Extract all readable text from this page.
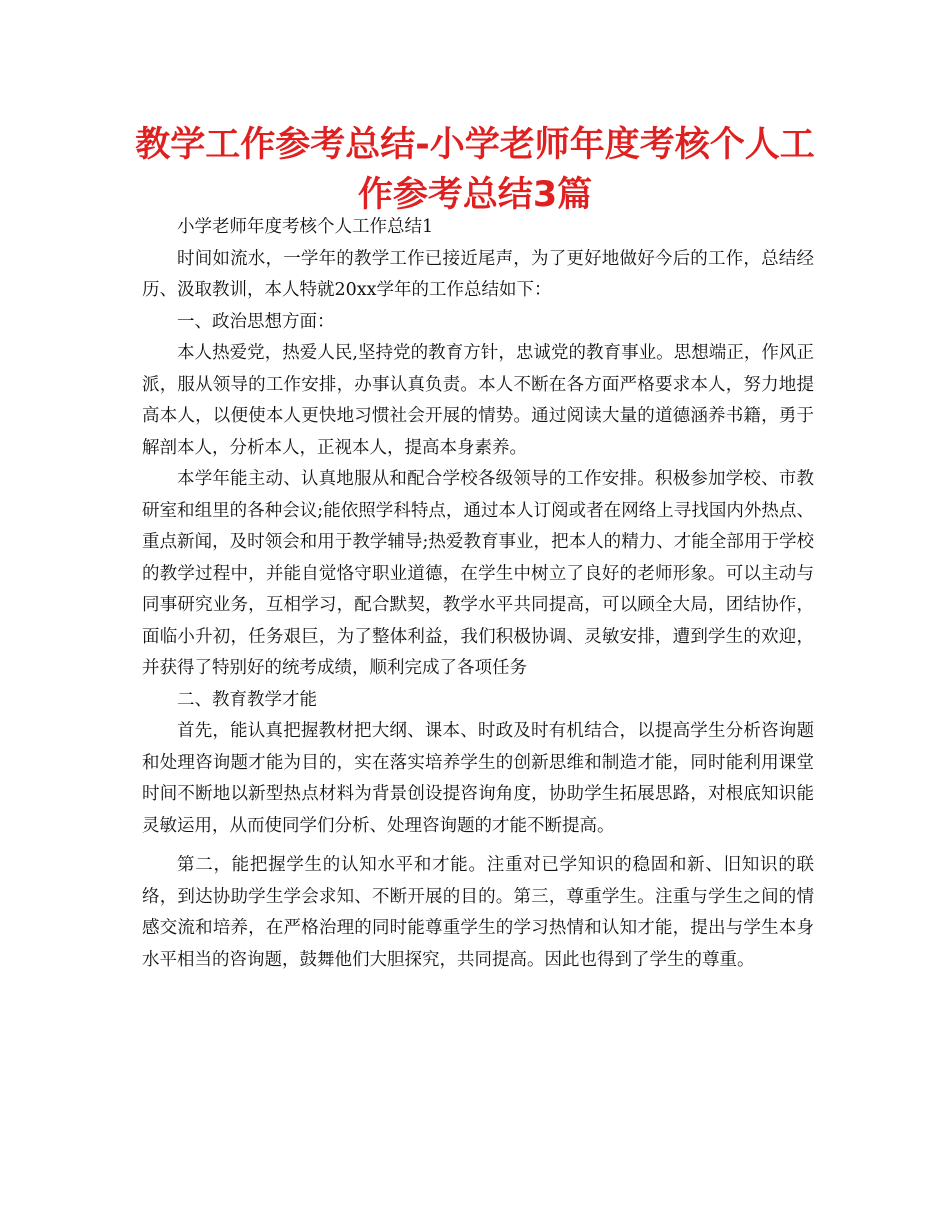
教学工作参考总结-小学老师年度考核个人工作参考总结3篇

小学老师年度考核个人工作总结1

时间如流水，一学年的教学工作已接近尾声，为了更好地做好今后的工作，总结经历、汲取教训，本人特就20xx学年的工作总结如下：

一、政治思想方面：

本人热爱党，热爱人民,坚持党的教育方针，忠诚党的教育事业。思想端正，作风正派，服从领导的工作安排，办事认真负责。本人不断在各方面严格要求本人，努力地提高本人，以便使本人更快地习惯社会开展的情势。通过阅读大量的道德涵养书籍，勇于解剖本人，分析本人，正视本人，提高本身素养。

本学年能主动、认真地服从和配合学校各级领导的工作安排。积极参加学校、市教研室和组里的各种会议;能依照学科特点，通过本人订阅或者在网络上寻找国内外热点、重点新闻，及时领会和用于教学辅导;热爱教育事业，把本人的精力、才能全部用于学校的教学过程中，并能自觉恪守职业道德，在学生中树立了良好的老师形象。可以主动与同事研究业务，互相学习，配合默契，教学水平共同提高，可以顾全大局，团结协作，面临小升初，任务艰巨，为了整体利益，我们积极协调、灵敏安排，遭到学生的欢迎，并获得了特别好的统考成绩，顺利完成了各项任务

二、教育教学才能

首先，能认真把握教材把大纲、课本、时政及时有机结合，以提高学生分析咨询题和处理咨询题才能为目的，实在落实培养学生的创新思维和制造才能，同时能利用课堂时间不断地以新型热点材料为背景创设提咨询角度，协助学生拓展思路，对根底知识能灵敏运用，从而使同学们分析、处理咨询题的才能不断提高。

第二，能把握学生的认知水平和才能。注重对已学知识的稳固和新、旧知识的联络，到达协助学生学会求知、不断开展的目的。第三，尊重学生。注重与学生之间的情感交流和培养，在严格治理的同时能尊重学生的学习热情和认知才能，提出与学生本身水平相当的咨询题，鼓舞他们大胆探究，共同提高。因此也得到了学生的尊重。
